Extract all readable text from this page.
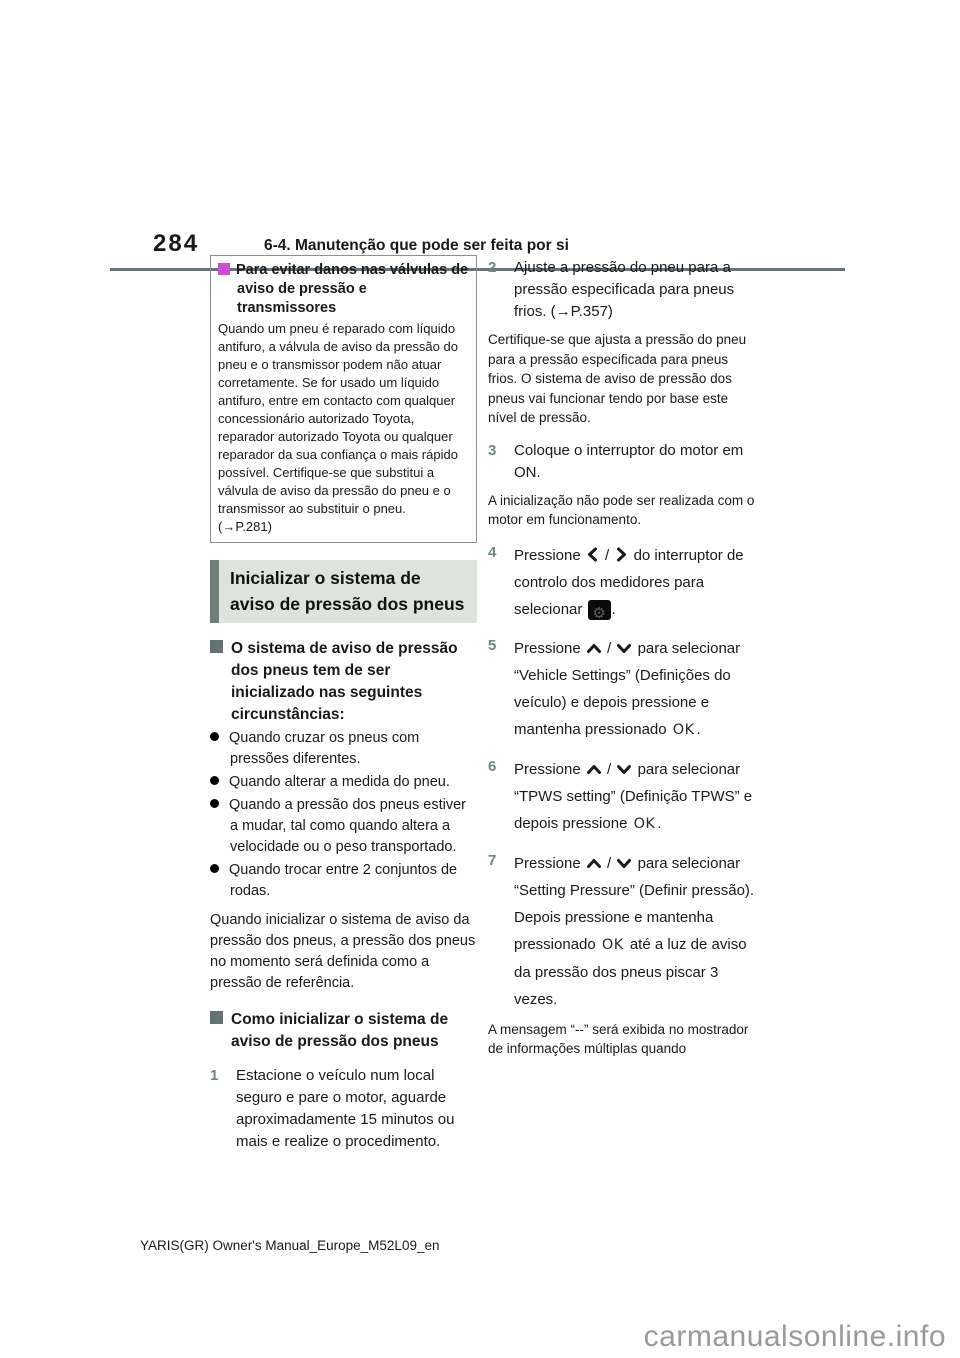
284	6-4. Manutenção que pode ser feita por si
Para evitar danos nas válvulas de aviso de pressão e transmissores
Quando um pneu é reparado com líquido antifuro, a válvula de aviso da pressão do pneu e o transmissor podem não atuar corretamente. Se for usado um líquido antifuro, entre em contacto com qualquer concessionário autorizado Toyota, reparador autorizado Toyota ou qualquer reparador da sua confiança o mais rápido possível. Certifique-se que substitui a válvula de aviso da pressão do pneu e o transmissor ao substituir o pneu.
(→P.281)
Inicializar o sistema de aviso de pressão dos pneus
O sistema de aviso de pressão dos pneus tem de ser inicializado nas seguintes circunstâncias:
Quando cruzar os pneus com pressões diferentes.
Quando alterar a medida do pneu.
Quando a pressão dos pneus estiver a mudar, tal como quando altera a velocidade ou o peso transportado.
Quando trocar entre 2 conjuntos de rodas.

Quando inicializar o sistema de aviso da pressão dos pneus, a pressão dos pneus no momento será definida como a pressão de referência.

Como inicializar o sistema de aviso de pressão dos pneus
1	Estacione o veículo num local seguro e pare o motor, aguarde aproximadamente 15 minutos ou mais e realize o procedimento.
2	Ajuste a pressão do pneu para a pressão especificada para pneus frios. (→P.357)
Certifique-se que ajusta a pressão do pneu para a pressão especificada para pneus frios. O sistema de aviso de pressão dos pneus vai funcionar tendo por base este nível de pressão.
3	Coloque o interruptor do motor em ON.
A inicialização não pode ser realizada com o motor em funcionamento.
4	Pressione / do interruptor de controlo dos medidores para selecionar ⚙ .
5	Pressione / para selecionar “Vehicle Settings” (Definições do veículo) e depois pressione e mantenha pressionado OK .
6	Pressione / para selecionar “TPWS setting” (Definição TPWS” e depois pressione OK .
7	Pressione / para selecionar “Setting Pressure” (Definir pressão). Depois pressione e mantenha pressionado OK até a luz de aviso da pressão dos pneus piscar 3 vezes.
A mensagem “--” será exibida no mostrador de informações múltiplas quando
YARIS(GR) Owner's Manual_Europe_M52L09_en
carmanualsonline.info
